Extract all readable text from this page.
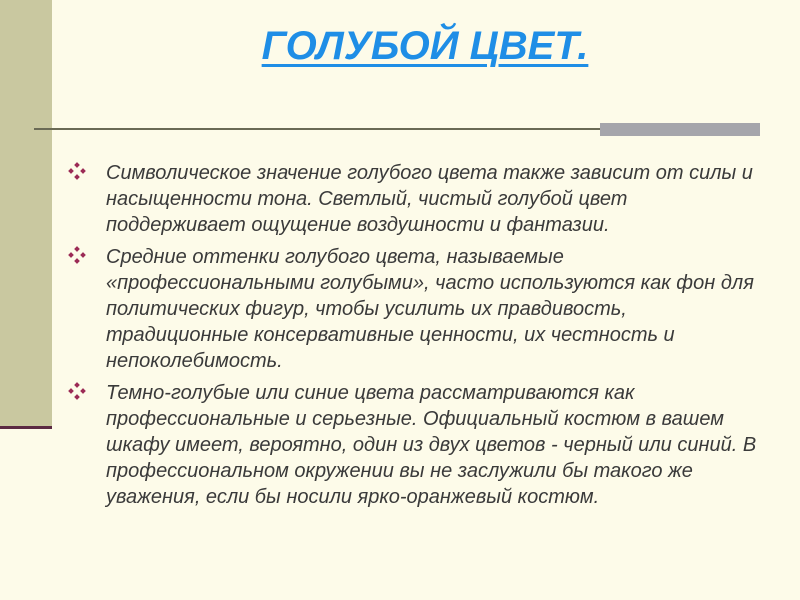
ГОЛУБОЙ ЦВЕТ.
Символическое значение голубого цвета также зависит от силы и насыщенности тона. Светлый, чистый голубой цвет поддерживает ощущение воздушности и фантазии.
Средние оттенки голубого цвета, называемые «профессиональными голубыми», часто используются как фон для политических фигур, чтобы усилить их правдивость, традиционные консервативные ценности, их честность и непоколебимость.
Темно-голубые или синие цвета рассматриваются как профессиональные и серьезные. Официальный костюм в вашем шкафу имеет, вероятно, один из двух цветов - черный или синий. В профессиональном окружении вы не заслужили бы такого же уважения, если бы носили ярко-оранжевый костюм.
